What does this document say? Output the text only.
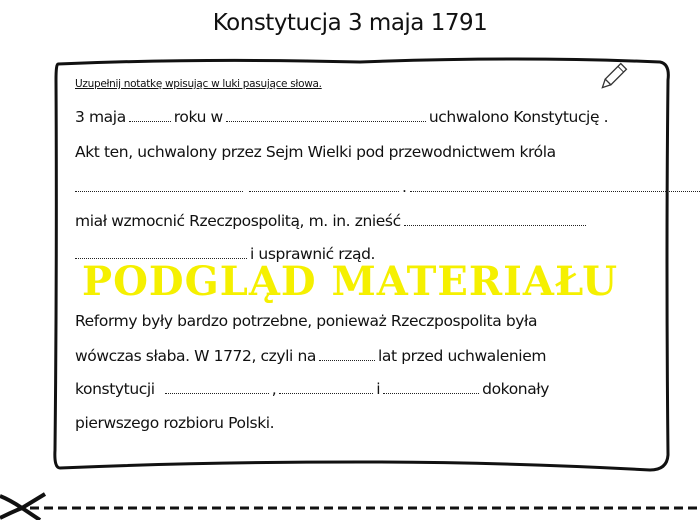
Konstytucja 3 maja 1791
Uzupełnij notatkę wpisując w luki pasujące słowa.
3 maja	roku w	uchwalono Konstytucję .
Akt ten, uchwalony przez Sejm Wielki pod przewodnictwem króla
.
miał wzmocnić Rzeczpospolitą, m. in. znieść
i usprawnić rząd.
PODGLĄD MATERIAŁU
Reformy były bardzo potrzebne, ponieważ Rzeczpospolita była
wówczas słaba. W 1772, czyli na	lat przed uchwaleniem
konstytucji	,	i	dokonały
pierwszego rozbioru Polski.
